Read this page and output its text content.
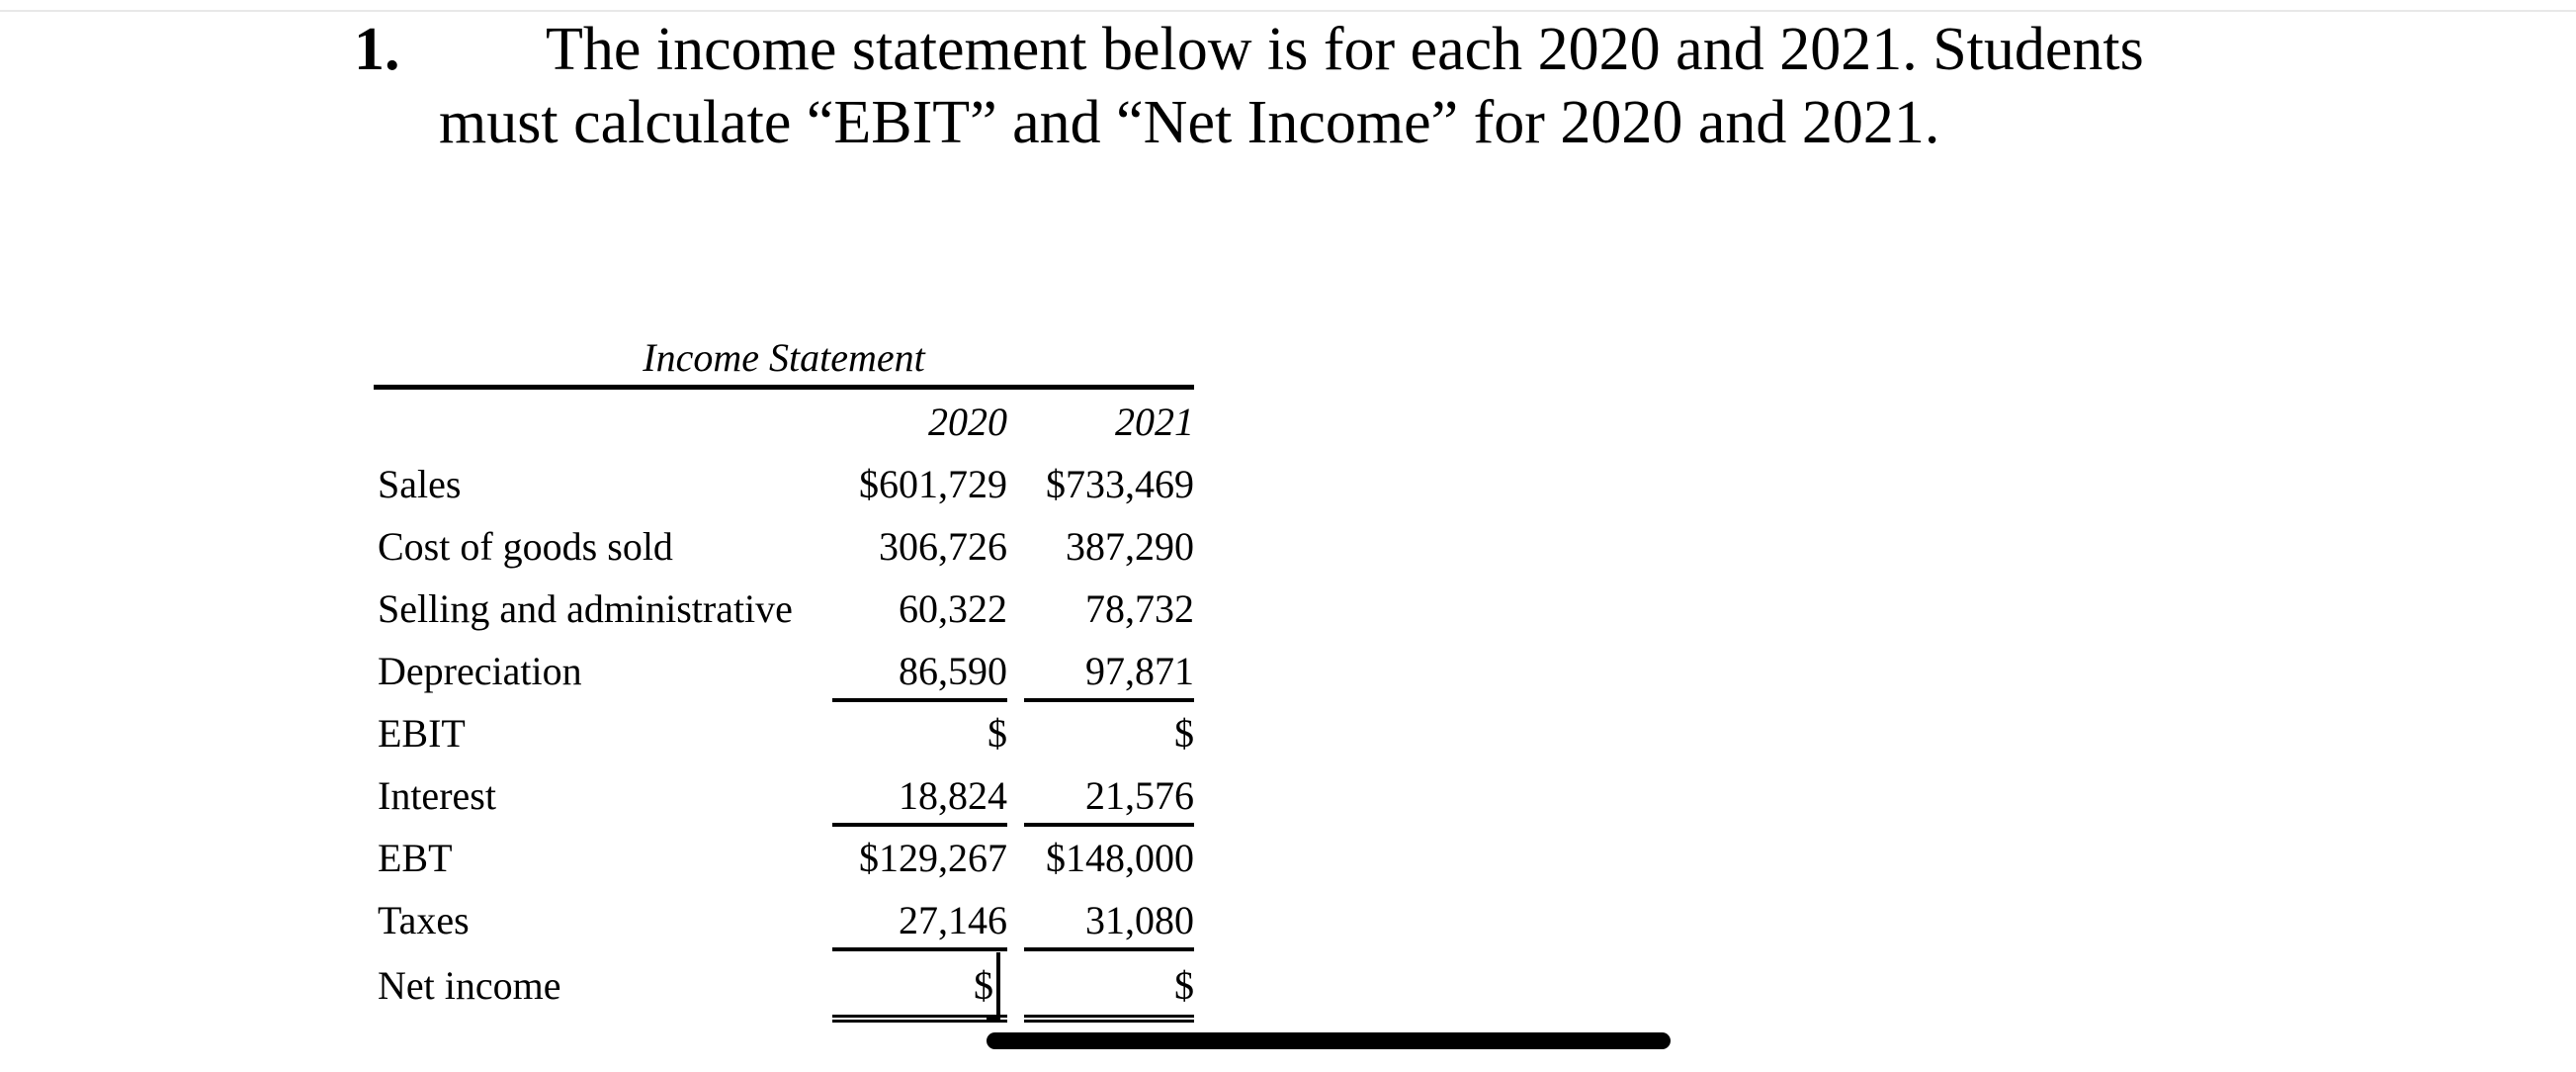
1. The income statement below is for each 2020 and 2021. Students
must calculate “EBIT” and “Net Income” for 2020 and 2021.
Income Statement
2020	2021
Sales	$601,729 $733,469
Cost of goods sold	306,726	387,290
Selling and administrative	60,322	78,732
Depreciation	86,590	97,871
EBIT	$	$
Interest	18,824	21,576
EBT	$129,267 $148,000
Taxes	27,146	31,080
Net income	$	$
